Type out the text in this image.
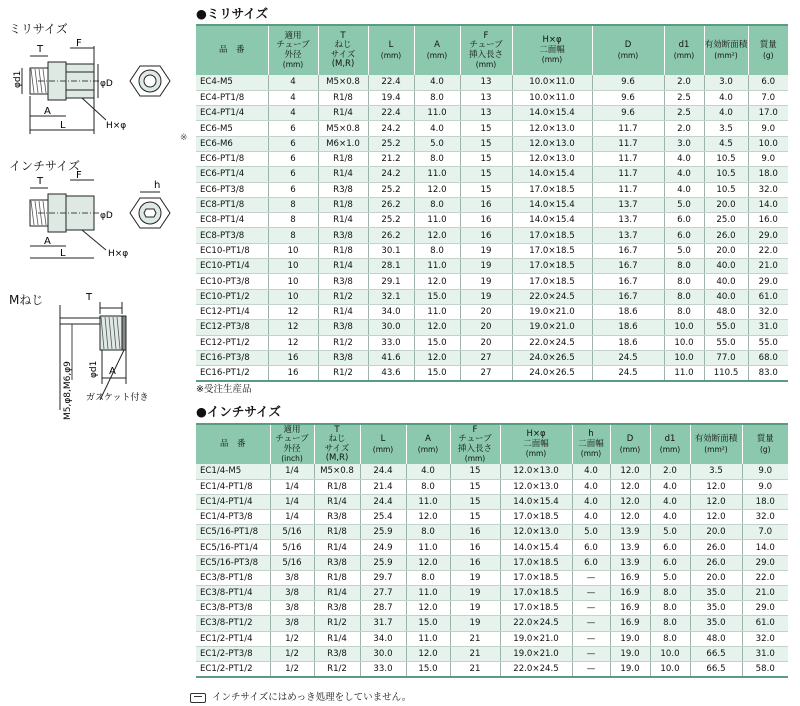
ミリサイズ
T
F
A
L
φd1	φD
H×φ
インチサイズ
T
F
A
L
φD
H×φ
h
Mねじ	T
A
M5,φ8,M6,φ9 φd1
ガスケット付き
●ミリサイズ
※
品　番	適用
チューブ
外径
(mm)	T
ねじ
サイズ
(M,R)	L
(mm)	A
(mm)	F
チューブ
挿入長さ
(mm)	H×φ
二面幅
(mm)	D
(mm)	d1
(mm)	有効断面積
(mm²)	質量
(g)

EC4-M5	4	M5×0.8	22.4	4.0	13	10.0×11.0	9.6	2.0	3.0	6.0
EC4-PT1/8	4	R1/8	19.4	8.0	13	10.0×11.0	9.6	2.5	4.0	7.0
EC4-PT1/4	4	R1/4	22.4	11.0	13	14.0×15.4	9.6	2.5	4.0	17.0
EC6-M5	6	M5×0.8	24.2	4.0	15	12.0×13.0	11.7	2.0	3.5	9.0
EC6-M6	6	M6×1.0	25.2	5.0	15	12.0×13.0	11.7	3.0	4.5	10.0
EC6-PT1/8	6	R1/8	21.2	8.0	15	12.0×13.0	11.7	4.0	10.5	9.0
EC6-PT1/4	6	R1/4	24.2	11.0	15	14.0×15.4	11.7	4.0	10.5	18.0
EC6-PT3/8	6	R3/8	25.2	12.0	15	17.0×18.5	11.7	4.0	10.5	32.0
EC8-PT1/8	8	R1/8	26.2	8.0	16	14.0×15.4	13.7	5.0	20.0	14.0
EC8-PT1/4	8	R1/4	25.2	11.0	16	14.0×15.4	13.7	6.0	25.0	16.0
EC8-PT3/8	8	R3/8	26.2	12.0	16	17.0×18.5	13.7	6.0	26.0	29.0
EC10-PT1/8	10	R1/8	30.1	8.0	19	17.0×18.5	16.7	5.0	20.0	22.0
EC10-PT1/4	10	R1/4	28.1	11.0	19	17.0×18.5	16.7	8.0	40.0	21.0
EC10-PT3/8	10	R3/8	29.1	12.0	19	17.0×18.5	16.7	8.0	40.0	29.0
EC10-PT1/2	10	R1/2	32.1	15.0	19	22.0×24.5	16.7	8.0	40.0	61.0
EC12-PT1/4	12	R1/4	34.0	11.0	20	19.0×21.0	18.6	8.0	48.0	32.0
EC12-PT3/8	12	R3/8	30.0	12.0	20	19.0×21.0	18.6	10.0	55.0	31.0
EC12-PT1/2	12	R1/2	33.0	15.0	20	22.0×24.5	18.6	10.0	55.0	55.0
EC16-PT3/8	16	R3/8	41.6	12.0	27	24.0×26.5	24.5	10.0	77.0	68.0
EC16-PT1/2	16	R1/2	43.6	15.0	27	24.0×26.5	24.5	11.0	110.5	83.0
※受注生産品
●インチサイズ
品　番	適用
チューブ
外径
(inch)	T
ねじ
サイズ
(M,R)	L
(mm)	A
(mm)	F
チューブ
挿入長さ
(mm)	H×φ
二面幅
(mm)	h
二面幅
(mm)	D
(mm)	d1
(mm)	有効断面積
(mm²)	質量
(g)

EC1/4-M5	1/4	M5×0.8	24.4	4.0	15	12.0×13.0	4.0	12.0	2.0	3.5	9.0
EC1/4-PT1/8	1/4	R1/8	21.4	8.0	15	12.0×13.0	4.0	12.0	4.0	12.0	9.0
EC1/4-PT1/4	1/4	R1/4	24.4	11.0	15	14.0×15.4	4.0	12.0	4.0	12.0	18.0
EC1/4-PT3/8	1/4	R3/8	25.4	12.0	15	17.0×18.5	4.0	12.0	4.0	12.0	32.0
EC5/16-PT1/8	5/16	R1/8	25.9	8.0	16	12.0×13.0	5.0	13.9	5.0	20.0	7.0
EC5/16-PT1/4	5/16	R1/4	24.9	11.0	16	14.0×15.4	6.0	13.9	6.0	26.0	14.0
EC5/16-PT3/8	5/16	R3/8	25.9	12.0	16	17.0×18.5	6.0	13.9	6.0	26.0	29.0
EC3/8-PT1/8	3/8	R1/8	29.7	8.0	19	17.0×18.5	—	16.9	5.0	20.0	22.0
EC3/8-PT1/4	3/8	R1/4	27.7	11.0	19	17.0×18.5	—	16.9	8.0	35.0	21.0
EC3/8-PT3/8	3/8	R3/8	28.7	12.0	19	17.0×18.5	—	16.9	8.0	35.0	29.0
EC3/8-PT1/2	3/8	R1/2	31.7	15.0	19	22.0×24.5	—	16.9	8.0	35.0	61.0
EC1/2-PT1/4	1/2	R1/4	34.0	11.0	21	19.0×21.0	—	19.0	8.0	48.0	32.0
EC1/2-PT3/8	1/2	R3/8	30.0	12.0	21	19.0×21.0	—	19.0	10.0	66.5	31.0
EC1/2-PT1/2	1/2	R1/2	33.0	15.0	21	22.0×24.5	—	19.0	10.0	66.5	58.0
インチサイズにはめっき処理をしていません。
